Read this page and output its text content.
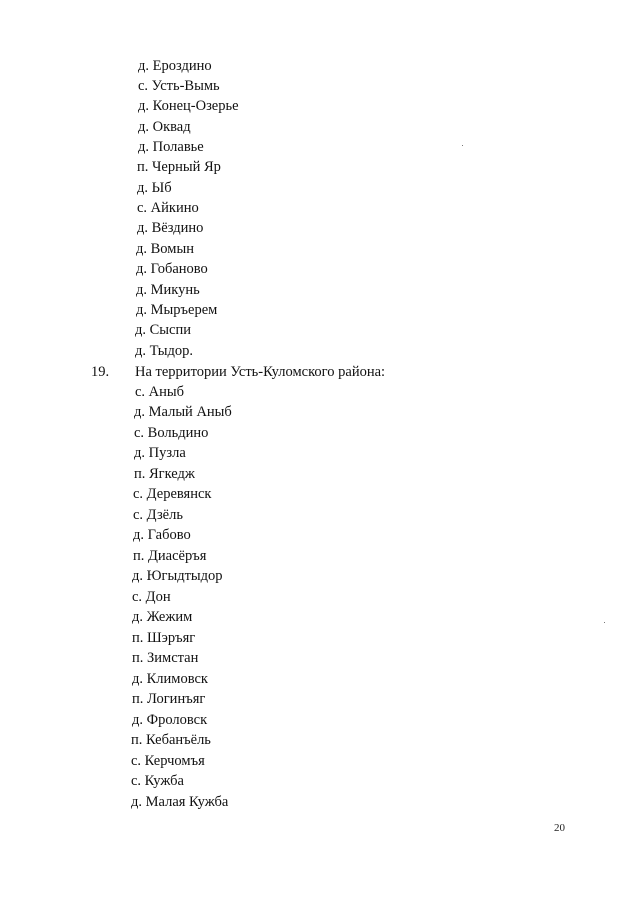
д. Ероздино
с. Усть-Вымь
д. Конец-Озерье
д. Оквад
д. Полавье
п. Черный Яр
д. Ыб
с. Айкино
д. Вёздино
д. Вомын
д. Гобаново
д. Микунь
д. Мыръерем
д. Сыспи
д. Тыдор.
19. На территории Усть-Куломского района:
с. Аныб
д. Малый Аныб
с. Вольдино
д. Пузла
п. Ягкедж
с. Деревянск
с. Дзёль
д. Габово
п. Диасёръя
д. Югыдтыдор
с. Дон
д. Жежим
п. Шэръяг
п. Зимстан
д. Климовск
п. Логинъяг
д. Фроловск
п. Кебанъёль
с. Керчомъя
с. Кужба
д. Малая Кужба
20
